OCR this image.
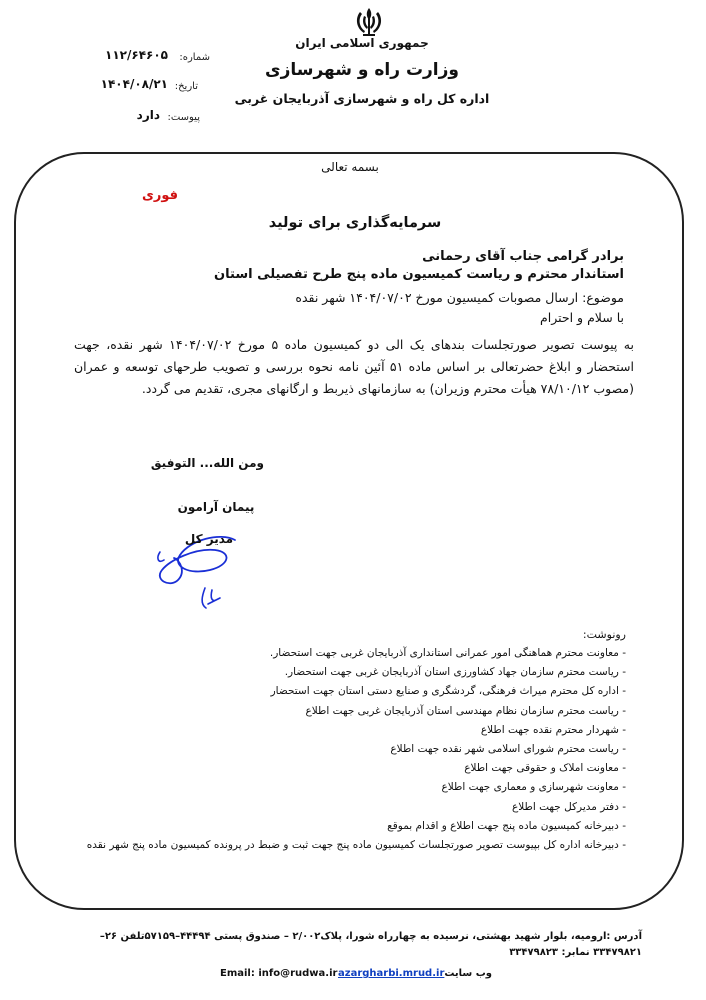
جمهوری اسلامی ایران
وزارت راه و شهرسازی
اداره کل راه و شهرسازی آذربایجان غربی
شماره:
۱۱۲/۶۴۶۰۵
تاریخ:
۱۴۰۴/۰۸/۲۱
پیوست:
دارد
بسمه تعالی
فوری
سرمایه‌گذاری برای تولید
برادر گرامی جناب آقای رحمانی
استاندار محترم و ریاست کمیسیون ماده پنج طرح تفصیلی استان
موضوع: ارسال مصوبات کمیسیون مورخ ۱۴۰۴/۰۷/۰۲ شهر نقده
با سلام و احترام
به پیوست تصویر صورتجلسات بندهای یک الی دو کمیسیون ماده ۵ مورخ ۱۴۰۴/۰۷/۰۲ شهر نقده، جهت استحضار و ابلاغ حضرتعالی بر اساس ماده ۵۱ آئین نامه نحوه بررسی و تصویب طرحهای توسعه و عمران (مصوب ۷۸/۱۰/۱۲ هیأت محترم وزیران) به سازمانهای ذیربط و ارگانهای مجری، تقدیم می گردد.
ومن الله... التوفیق
پیمان آرامون
مدیر کل
رونوشت:
- معاونت محترم هماهنگی امور عمرانی استانداری آذربایجان غربی جهت استحضار.
- ریاست محترم سازمان جهاد کشاورزی استان آذربایجان غربی جهت استحضار.
- اداره کل محترم میراث فرهنگی، گردشگری و صنایع دستی استان جهت استحضار
- ریاست محترم سازمان نظام مهندسی استان آذربایجان غربی جهت اطلاع
- شهردار محترم نقده جهت اطلاع
- ریاست محترم شورای اسلامی شهر نقده جهت اطلاع
- معاونت املاک و حقوقی جهت اطلاع
- معاونت شهرسازی و معماری جهت اطلاع
- دفتر مدیرکل جهت اطلاع
- دبیرخانه کمیسیون ماده پنج جهت اطلاع و اقدام بموقع
- دبیرخانه اداره کل بپیوست تصویر صورتجلسات کمیسیون ماده پنج جهت ثبت و ضبط در پرونده کمیسیون ماده پنج شهر نقده
آدرس :ارومیه، بلوار شهید بهشتی، نرسیده به چهارراه شورا، پلاک۲/۰۰۲ – صندوق پستی ۴۴۴۹۴–۵۷۱۵۹تلفن ۲۶–۳۳۴۷۹۸۲۱ نمابر: ۳۳۴۷۹۸۲۳
وب سایت
azargharbi.mrud.ir
Email: info@rudwa.ir
